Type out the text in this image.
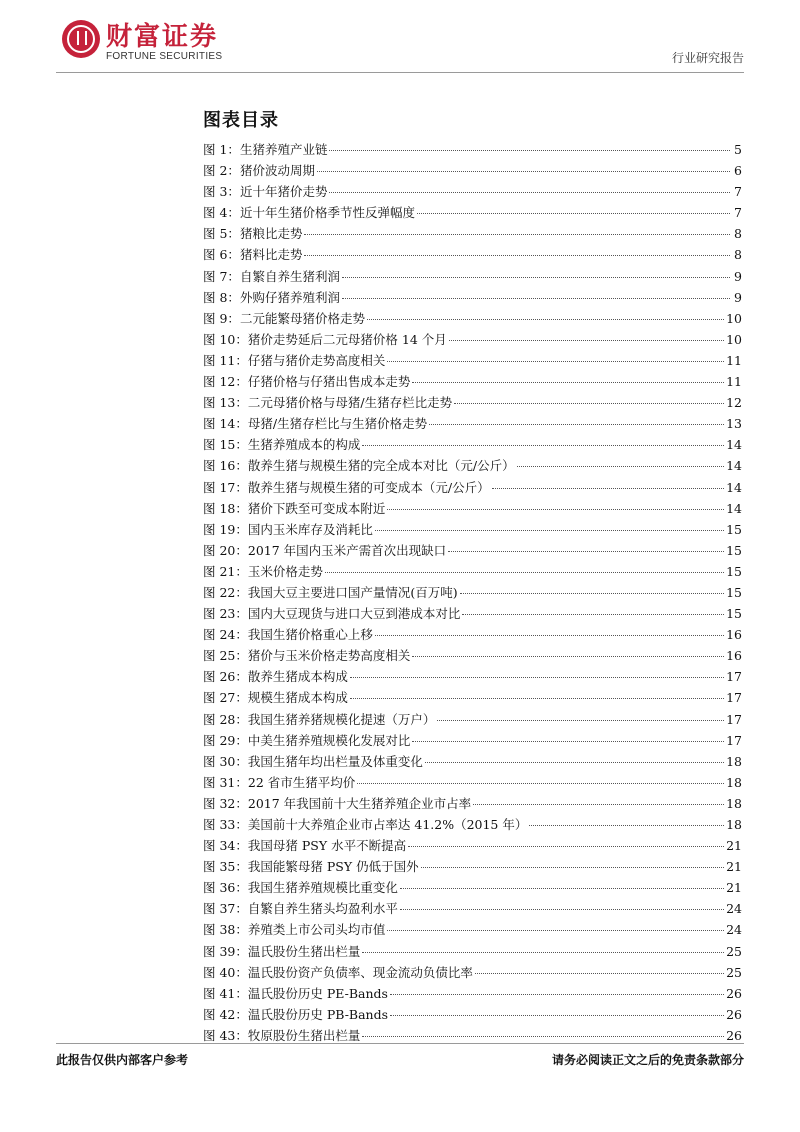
财富证券
FORTUNE SECURITIES	行业研究报告
图表目录
图 1： 生猪养殖产业链	5
图 2： 猪价波动周期	6
图 3： 近十年猪价走势	7
图 4： 近十年生猪价格季节性反弹幅度	7
图 5： 猪粮比走势	8
图 6： 猪料比走势	8
图 7： 自繁自养生猪利润	9
图 8： 外购仔猪养殖利润	9
图 9： 二元能繁母猪价格走势	10
图 10： 猪价走势延后二元母猪价格 14 个月	10
图 11： 仔猪与猪价走势高度相关	11
图 12： 仔猪价格与仔猪出售成本走势	11
图 13： 二元母猪价格与母猪/生猪存栏比走势	12
图 14： 母猪/生猪存栏比与生猪价格走势	13
图 15： 生猪养殖成本的构成	14
图 16： 散养生猪与规模生猪的完全成本对比（元/公斤）	14
图 17： 散养生猪与规模生猪的可变成本（元/公斤）	14
图 18： 猪价下跌至可变成本附近	14
图 19： 国内玉米库存及消耗比	15
图 20： 2017 年国内玉米产需首次出现缺口	15
图 21： 玉米价格走势	15
图 22： 我国大豆主要进口国产量情况(百万吨)	15
图 23： 国内大豆现货与进口大豆到港成本对比	15
图 24： 我国生猪价格重心上移	16
图 25： 猪价与玉米价格走势高度相关	16
图 26： 散养生猪成本构成	17
图 27： 规模生猪成本构成	17
图 28： 我国生猪养猪规模化提速（万户）	17
图 29： 中美生猪养殖规模化发展对比	17
图 30： 我国生猪年均出栏量及体重变化	18
图 31： 22 省市生猪平均价	18
图 32： 2017 年我国前十大生猪养殖企业市占率	18
图 33： 美国前十大养殖企业市占率达 41.2%（2015 年）	18
图 34： 我国母猪 PSY 水平不断提高	21
图 35： 我国能繁母猪 PSY 仍低于国外	21
图 36： 我国生猪养殖规模比重变化	21
图 37： 自繁自养生猪头均盈利水平	24
图 38： 养殖类上市公司头均市值	24
图 39： 温氏股份生猪出栏量	25
图 40： 温氏股份资产负债率、现金流动负债比率	25
图 41： 温氏股份历史 PE-Bands	26
图 42： 温氏股份历史 PB-Bands	26
图 43： 牧原股份生猪出栏量	26
此报告仅供内部客户参考	请务必阅读正文之后的免责条款部分
